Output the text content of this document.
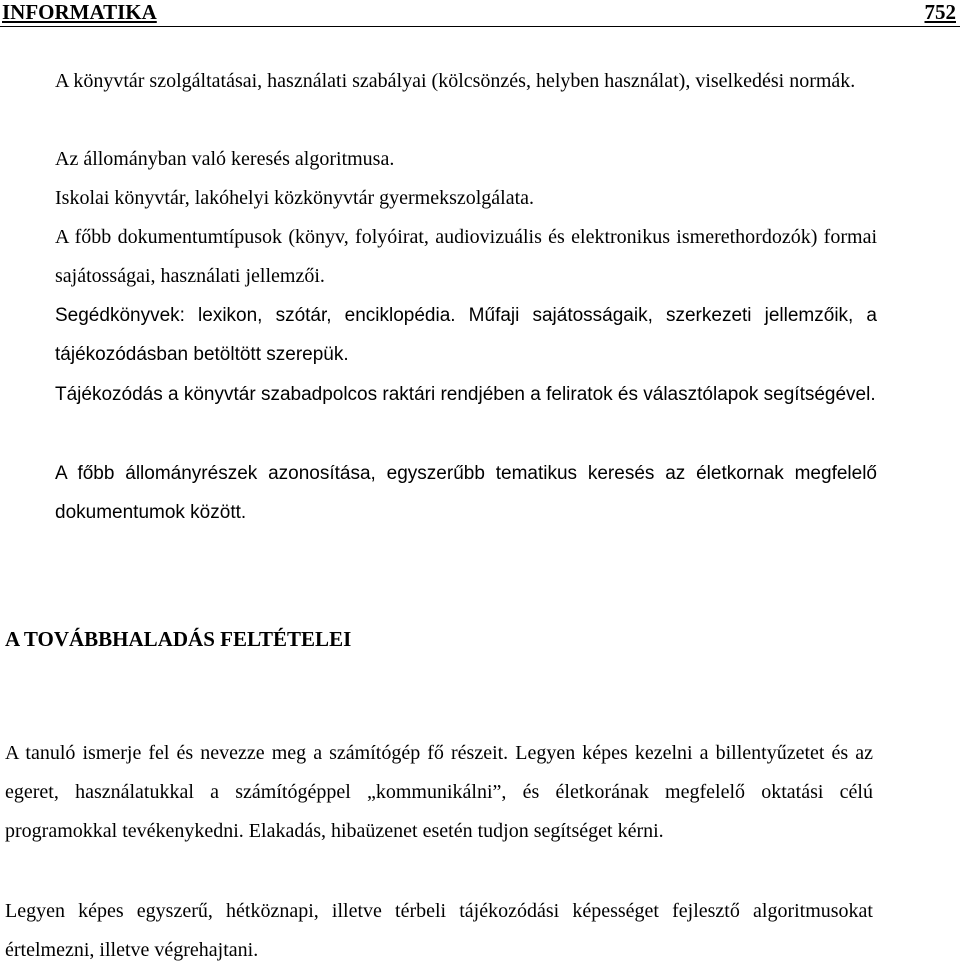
INFORMATIKA	752

A könyvtár szolgáltatásai, használati szabályai (kölcsönzés, helyben használat), viselkedési normák.

Az állományban való keresés algoritmusa.

Iskolai könyvtár, lakóhelyi közkönyvtár gyermekszolgálata.

A főbb dokumentumtípusok (könyv, folyóirat, audiovizuális és elektronikus ismerethordozók) formai sajátosságai, használati jellemzői.

Segédkönyvek: lexikon, szótár, enciklopédia. Műfaji sajátosságaik, szerkezeti jellemzőik, a tájékozódásban betöltött szerepük.

Tájékozódás a könyvtár szabadpolcos raktári rendjében a feliratok és választólapok segítségével.

A főbb állományrészek azonosítása, egyszerűbb tematikus keresés az életkornak megfelelő dokumentumok között.

A TOVÁBBHALADÁS FELTÉTELEI

A tanuló ismerje fel és nevezze meg a számítógép fő részeit. Legyen képes kezelni a billentyűzetet és az egeret, használatukkal a számítógéppel „kommunikálni”, és életkorának megfelelő oktatási célú programokkal tevékenykedni. Elakadás, hibaüzenet esetén tudjon segítséget kérni.

Legyen képes egyszerű, hétköznapi, illetve térbeli tájékozódási képességet fejlesztő algoritmusokat értelmezni, illetve végrehajtani.
